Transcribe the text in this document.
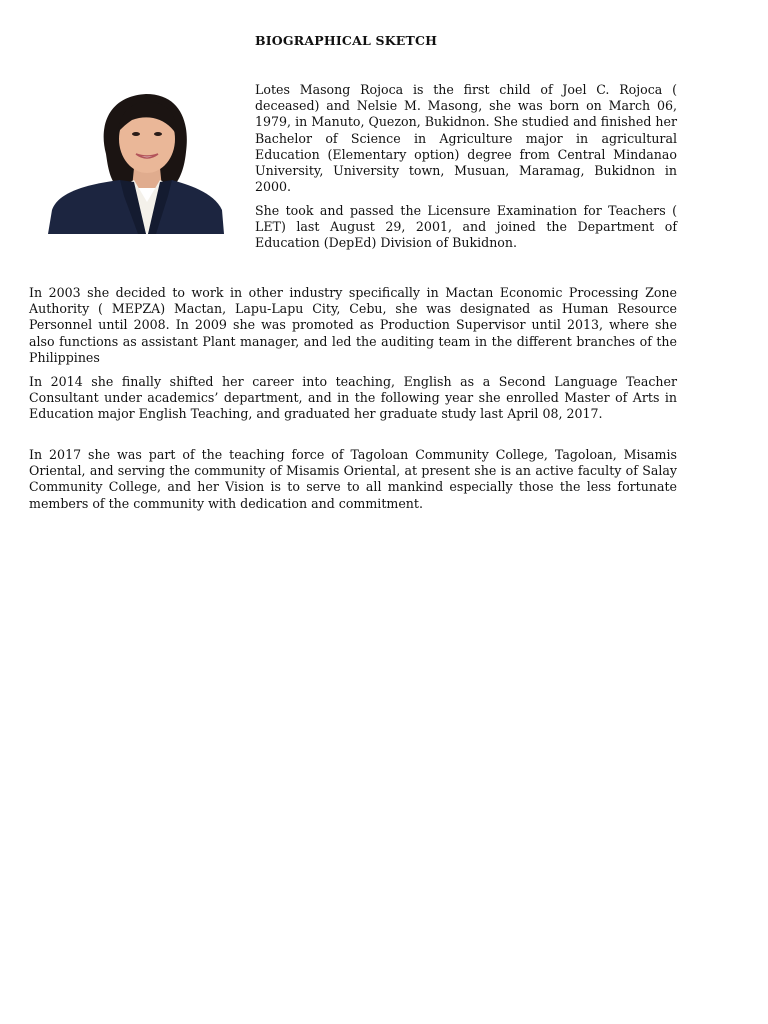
BIOGRAPHICAL SKETCH

Lotes Masong Rojoca is the first child of Joel C. Rojoca ( deceased) and Nelsie M. Masong, she was born on March 06, 1979, in Manuto, Quezon, Bukidnon. She studied and finished her Bachelor of Science in Agriculture major in agricultural Education (Elementary option) degree from Central Mindanao University, University town, Musuan, Maramag, Bukidnon in 2000.

She took and passed the Licensure Examination for Teachers ( LET) last August 29, 2001, and joined the Department of Education (DepEd) Division of Bukidnon.

In 2003 she decided to work in other industry specifically in Mactan Economic Processing Zone Authority ( MEPZA) Mactan, Lapu-Lapu City, Cebu, she was designated as Human Resource Personnel until 2008. In 2009 she was promoted as Production Supervisor until 2013, where she also functions as assistant Plant manager, and led the auditing team in the different branches of the Philippines

In 2014 she finally shifted her career into teaching, English as a Second Language Teacher Consultant under academics’ department, and in the following year she enrolled Master of Arts in Education major English Teaching, and graduated her graduate study last April 08, 2017.

In 2017 she was part of the teaching force of Tagoloan Community College, Tagoloan, Misamis Oriental, and serving the community of Misamis Oriental, at present she is an active faculty of Salay Community College, and her Vision is to serve to all mankind especially those the less fortunate members of the community with dedication and commitment.
